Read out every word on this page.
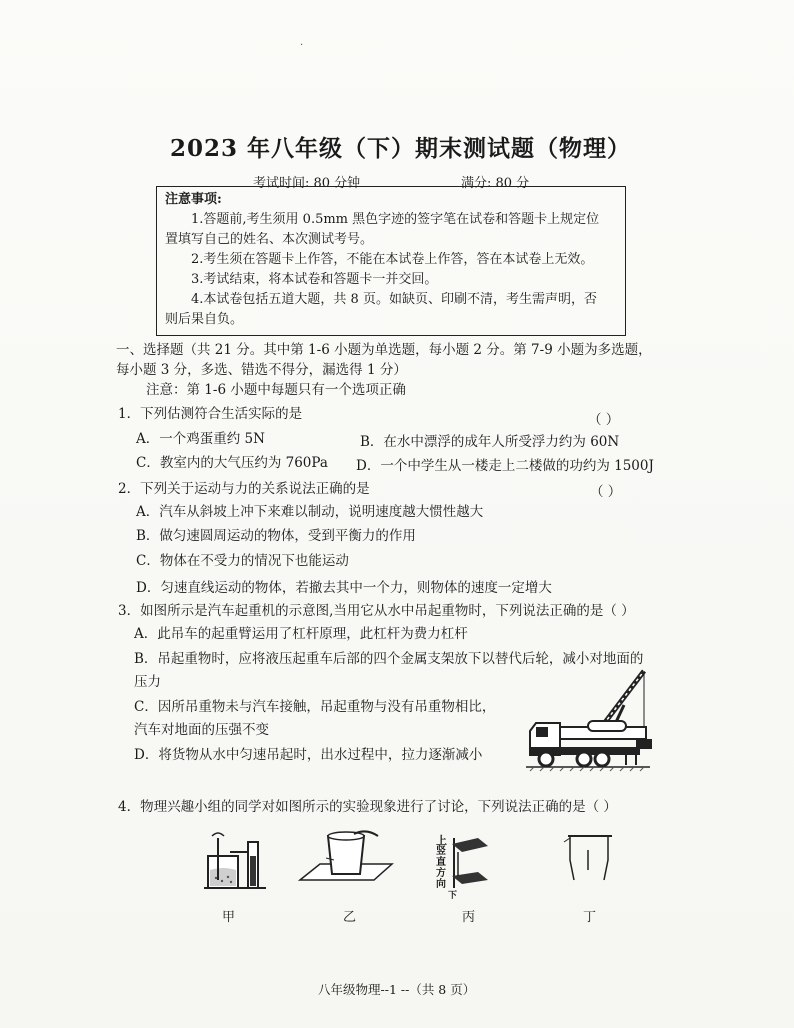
·
2023 年八年级（下）期末测试题（物理）
考试时间: 80 分钟	满分: 80 分
注意事项:

1.答题前,考生须用 0.5mm 黑色字迹的签字笔在试卷和答题卡上规定位

置填写自己的姓名、本次测试考号。

2.考生须在答题卡上作答，不能在本试卷上作答，答在本试卷上无效。

3.考试结束，将本试卷和答题卡一并交回。

4.本试卷包括五道大题，共 8 页。如缺页、印刷不清，考生需声明，否

则后果自负。
一、选择题（共 21 分。其中第 1-6 小题为单选题，每小题 2 分。第 7-9 小题为多选题，
每小题 3 分，多选、错选不得分，漏选得 1 分）
注意：第 1-6 小题中每题只有一个选项正确
1．下列估测符合生活实际的是	（ ）
A．一个鸡蛋重约 5N	B．在水中漂浮的成年人所受浮力约为 60N
C．教室内的大气压约为 760Pa D．一个中学生从一楼走上二楼做的功约为 1500J
2．下列关于运动与力的关系说法正确的是	（ ）
A．汽车从斜坡上冲下来难以制动，说明速度越大惯性越大
B．做匀速圆周运动的物体，受到平衡力的作用
C．物体在不受力的情况下也能运动
D．匀速直线运动的物体，若撤去其中一个力，则物体的速度一定增大
3．如图所示是汽车起重机的示意图,当用它从水中吊起重物时，下列说法正确的是（ ）
A．此吊车的起重臂运用了杠杆原理，此杠杆为费力杠杆
B．吊起重物时，应将液压起重车后部的四个金属支架放下以替代后轮，减小对地面的
压力
C．因所吊重物未与汽车接触，吊起重物与没有吊重物相比，
汽车对地面的压强不变
D．将货物从水中匀速吊起时，出水过程中，拉力逐渐减小
4．物理兴趣小组的同学对如图所示的实验现象进行了讨论，下列说法正确的是（ ）
上
竖直方向
下
甲	乙	丙	丁
八年级物理--1 --（共 8 页）
